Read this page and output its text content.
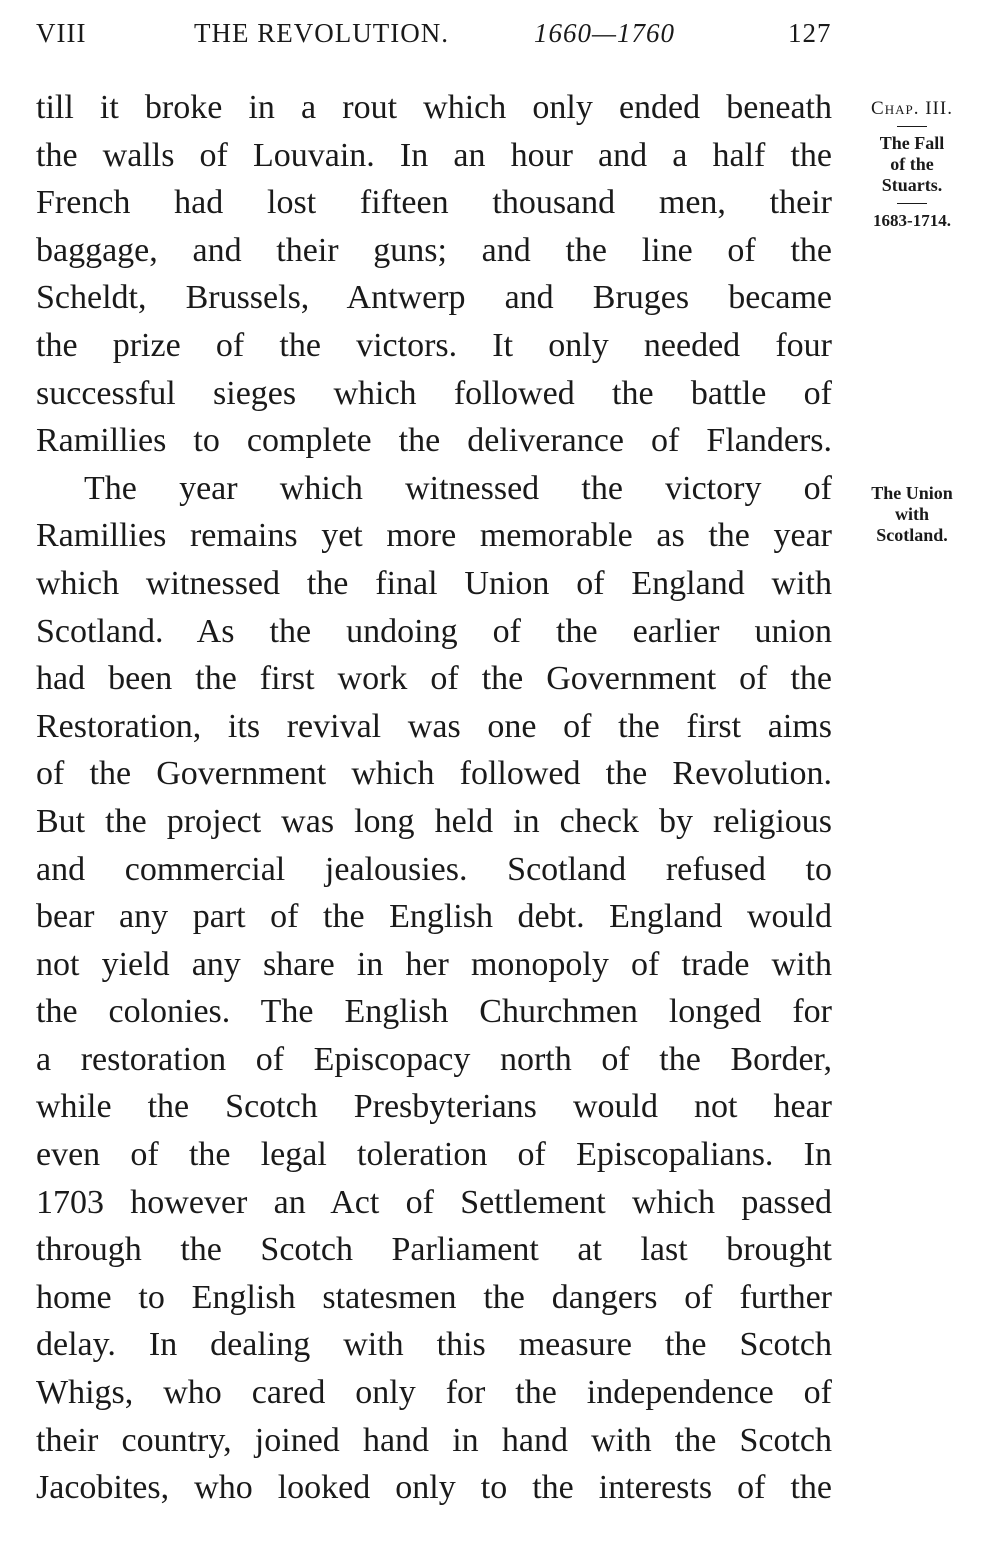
VIII	THE REVOLUTION.	1660—1760	127
till it broke in a rout which only ended beneath
the walls of Louvain. In an hour and a half the
French had lost fifteen thousand men, their
baggage, and their guns; and the line of the
Scheldt, Brussels, Antwerp and Bruges became
the prize of the victors. It only needed four
successful sieges which followed the battle of
Ramillies to complete the deliverance of Flanders.
The year which witnessed the victory of
Ramillies remains yet more memorable as the year
which witnessed the final Union of England with
Scotland. As the undoing of the earlier union
had been the first work of the Government of the
Restoration, its revival was one of the first aims
of the Government which followed the Revolution.
But the project was long held in check by religious
and commercial jealousies. Scotland refused to
bear any part of the English debt. England would
not yield any share in her monopoly of trade with
the colonies. The English Churchmen longed for
a restoration of Episcopacy north of the Border,
while the Scotch Presbyterians would not hear
even of the legal toleration of Episcopalians. In
1703 however an Act of Settlement which passed
through the Scotch Parliament at last brought
home to English statesmen the dangers of further
delay. In dealing with this measure the Scotch
Whigs, who cared only for the independence of
their country, joined hand in hand with the Scotch
Jacobites, who looked only to the interests of the
Chap. III.
The Fall
of the
Stuarts.
1683-1714.
The Union
with
Scotland.
